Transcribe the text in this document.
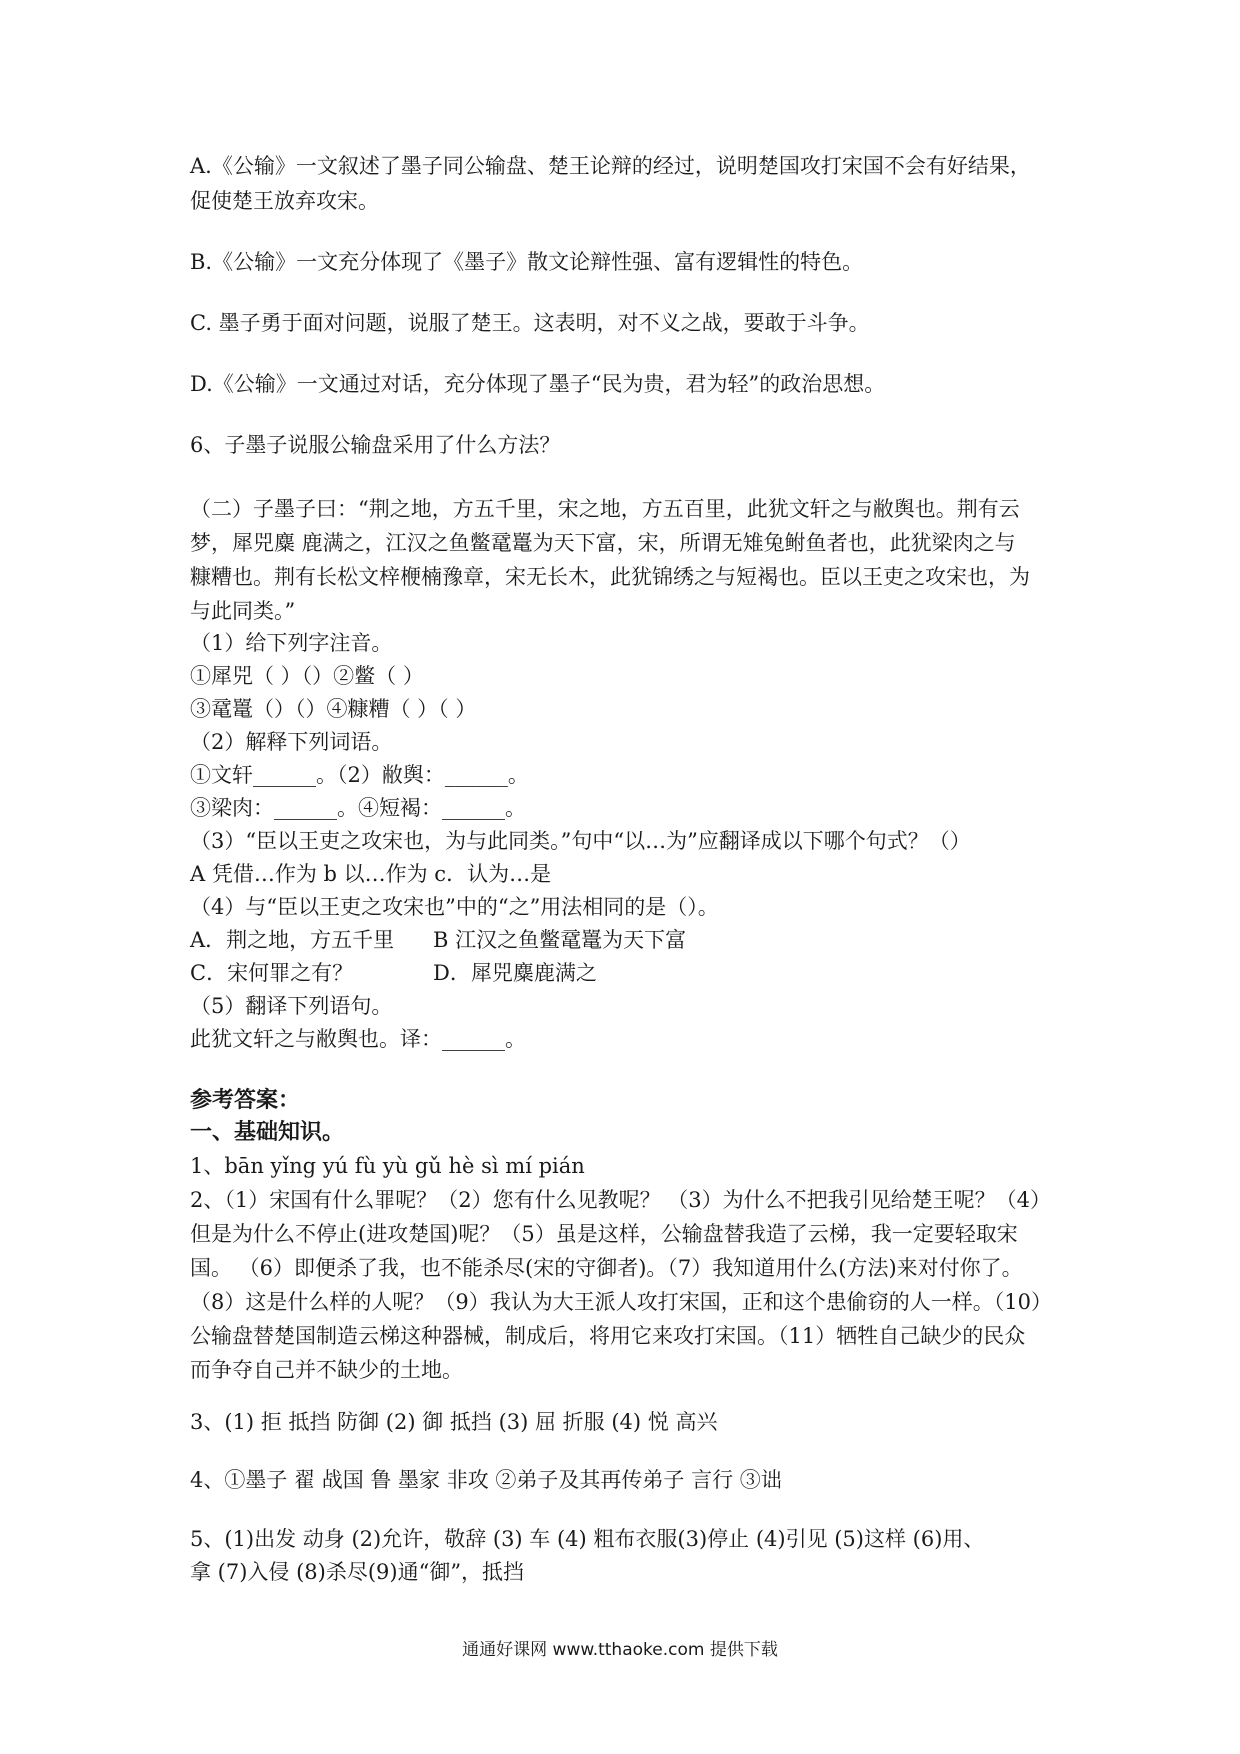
A.《公输》一文叙述了墨子同公输盘、楚王论辩的经过，说明楚国攻打宋国不会有好结果，
促使楚王放弃攻宋。
B.《公输》一文充分体现了《墨子》散文论辩性强、富有逻辑性的特色。
C. 墨子勇于面对问题，说服了楚王。这表明，对不义之战，要敢于斗争。
D.《公输》一文通过对话，充分体现了墨子“民为贵，君为轻”的政治思想。
6、子墨子说服公输盘采用了什么方法？
（二）子墨子曰：“荆之地，方五千里，宋之地，方五百里，此犹文轩之与敝舆也。荆有云
梦，犀兕麋 鹿满之，江汉之鱼鳖鼋鼍为天下富，宋，所谓无雉兔鲋鱼者也，此犹梁肉之与
糠糟也。荆有长松文梓楩楠豫章，宋无长木，此犹锦绣之与短褐也。臣以王吏之攻宋也，为
与此同类。”
（1）给下列字注音。
①犀兕（ ）（）②鳖（ ）
③鼋鼍（）（）④糠糟（ ）（ ）
（2）解释下列词语。
①文轩______。（2）敝舆：______。
③梁肉：______。④短褐：______。
（3）“臣以王吏之攻宋也，为与此同类。”句中“以…为”应翻译成以下哪个句式？（）
A 凭借…作为 b 以…作为 c．认为…是
（4）与“臣以王吏之攻宋也”中的“之”用法相同的是（）。
A．荆之地，方五千里	B 江汉之鱼鳖鼋鼍为天下富
C．宋何罪之有？	D．犀兕麋鹿满之
（5）翻译下列语句。
此犹文轩之与敝舆也。译：______。
参考答案：
一、基础知识。
1、bān yǐng yú fù yù gǔ hè sì mí pián
2、（1）宋国有什么罪呢？（2）您有什么见教呢？ （3）为什么不把我引见给楚王呢？（4）
但是为什么不停止(进攻楚国)呢？（5）虽是这样，公输盘替我造了云梯，我一定要轻取宋
国。 （6）即便杀了我，也不能杀尽(宋的守御者)。（7）我知道用什么(方法)来对付你了。
（8）这是什么样的人呢？（9）我认为大王派人攻打宋国，正和这个患偷窃的人一样。（10）
公输盘替楚国制造云梯这种器械，制成后，将用它来攻打宋国。（11）牺牲自己缺少的民众
而争夺自己并不缺少的土地。
3、(1) 拒 抵挡 防御 (2) 御 抵挡 (3) 屈 折服 (4) 悦 高兴
4、①墨子 翟 战国 鲁 墨家 非攻 ②弟子及其再传弟子 言行 ③诎
5、(1)出发 动身 (2)允许，敬辞 (3) 车 (4) 粗布衣服(3)停止 (4)引见 (5)这样 (6)用、
拿 (7)入侵 (8)杀尽(9)通“御”，抵挡
通通好课网 www.tthaoke.com 提供下载
